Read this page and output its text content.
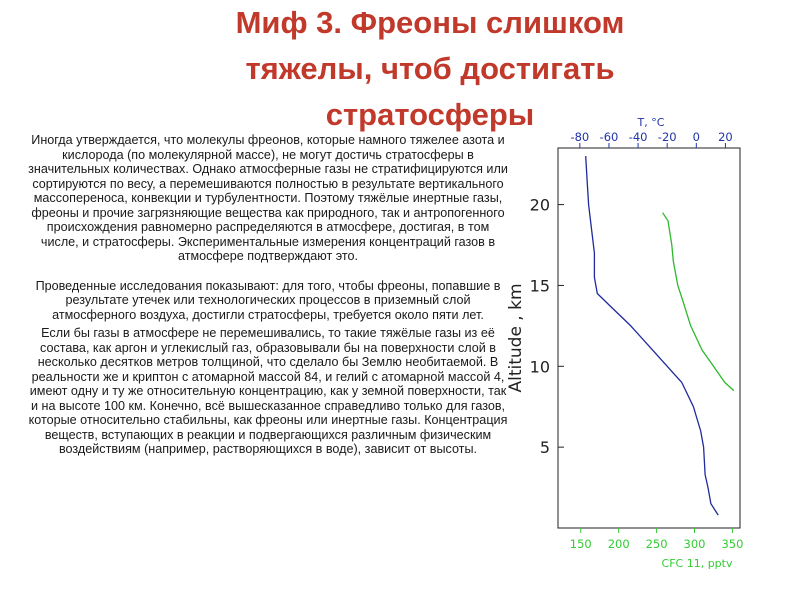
Миф 3. Фреоны слишком
тяжелы, чтоб достигать
стратосферы

Иногда утверждается, что молекулы фреонов, которые намного тяжелее азота и кислорода (по молекулярной массе), не могут достичь стратосферы в значительных количествах. Однако атмосферные газы не стратифицируются или сортируются по весу, а перемешиваются полностью в результате вертикального массопереноса, конвекции и турбулентности. Поэтому тяжёлые инертные газы, фреоны и прочие загрязняющие вещества как природного, так и антропогенного происхождения равномерно распределяются в атмосфере, достигая, в том числе, и стратосферы. Экспериментальные измерения концентраций газов в атмосфере подтверждают это.

Проведенные исследования показывают: для того, чтобы фреоны, попавшие в результате утечек или технологических процессов в приземный слой атмосферного воздуха, достигли стратосферы, требуется около пяти лет.

Если бы газы в атмосфере не перемешивались, то такие тяжёлые газы из её состава, как аргон и углекислый газ, образовывали бы на поверхности слой в несколько десятков метров толщиной, что сделало бы Землю необитаемой. В реальности же и криптон с атомарной массой 84, и гелий с атомарной массой 4, имеют одну и ту же относительную концентрацию, как у земной поверхности, так и на высоте 100 км. Конечно, всё вышесказанное справедливо только для газов, которые относительно стабильны, как фреоны или инертные газы. Концентрация веществ, вступающих в реакции и подвергающихся различным физическим воздействиям (например, растворяющихся в воде), зависит от высоты.	5
10
15
20
Altitude , km
-80 -60 -40 -20 0 20
T, °C
150 200 250 300 350
CFC 11, pptv
